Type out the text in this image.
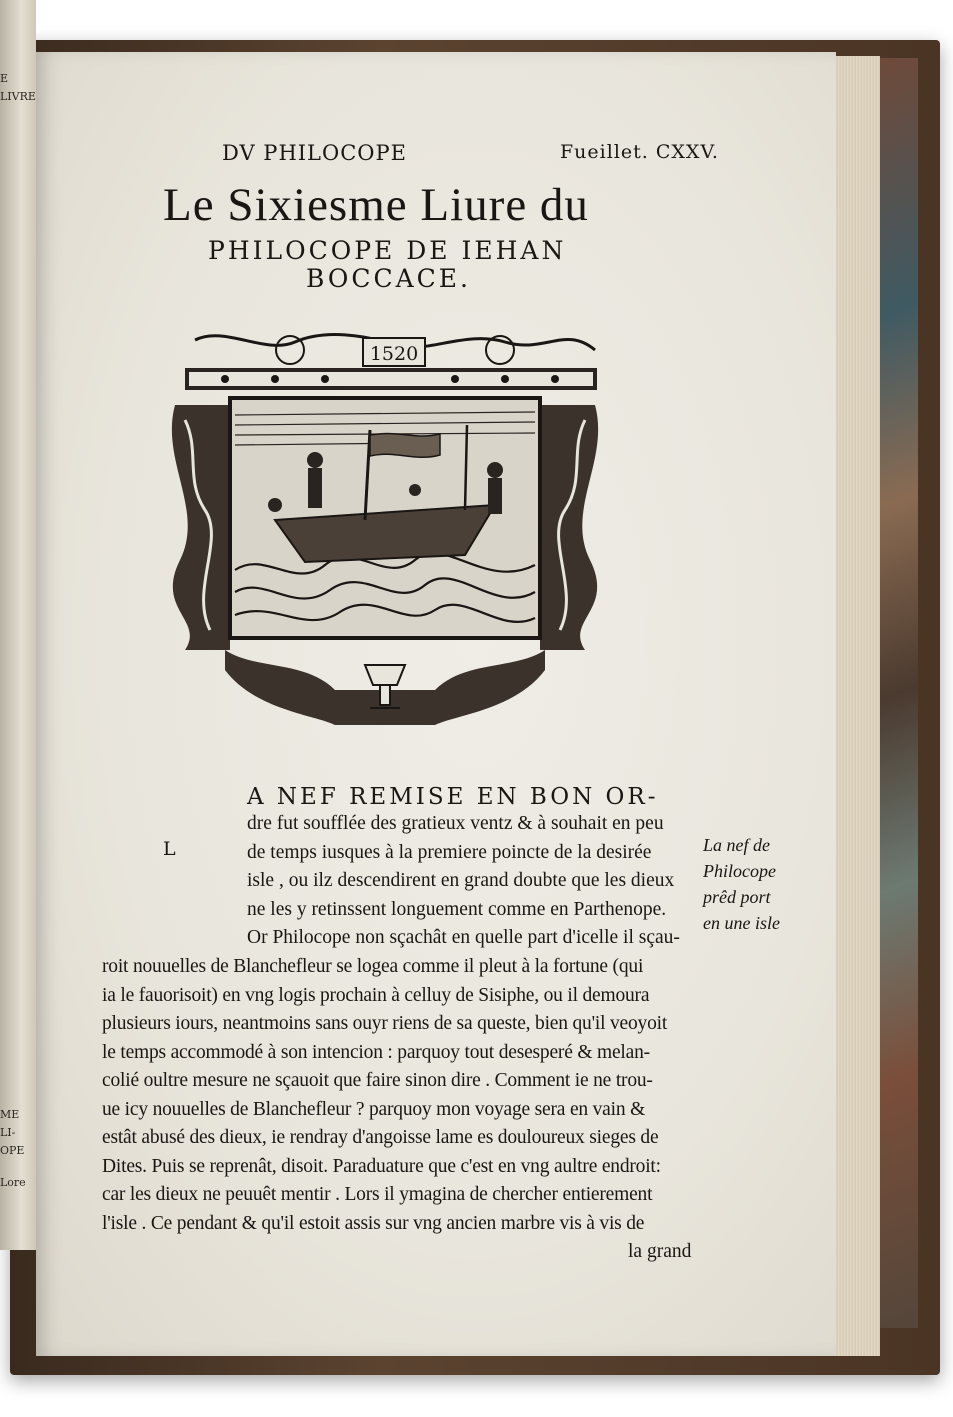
E LIVRE
ME LI-
OPE
Lore
DV PHILOCOPE	Fueillet. CXXV.
Le Sixiesme Liure du
PHILOCOPE DE IEHAN
BOCCACE.
1520
A NEF REMISE EN BON OR-
L
dre fut soufflée des gratieux ventz & à souhait en peu
de temps iusques à la premiere poincte de la desirée
isle , ou ilz descendirent en grand doubte que les dieux
ne les y retinssent longuement comme en Parthenope.
Or Philocope non sçachât en quelle part d'icelle il sçau-
roit nouuelles de Blanchefleur se logea comme il pleut à la fortune (qui
ia le fauorisoit) en vng logis prochain à celluy de Sisiphe, ou il demoura
plusieurs iours, neantmoins sans ouyr riens de sa queste, bien qu'il veoyoit
le temps accommodé à son intencion : parquoy tout desesperé & melan-
colié oultre mesure ne sçauoit que faire sinon dire . Comment ie ne trou-
ue icy nouuelles de Blanchefleur ? parquoy mon voyage sera en vain &
estât abusé des dieux, ie rendray d'angoisse lame es douloureux sieges de
Dites. Puis se reprenât, disoit. Paraduature que c'est en vng aultre endroit:
car les dieux ne peuuêt mentir . Lors il ymagina de chercher entierement
l'isle . Ce pendant & qu'il estoit assis sur vng ancien marbre vis à vis de
la grand
La nef de
Philocope
prêd port
en une isle
